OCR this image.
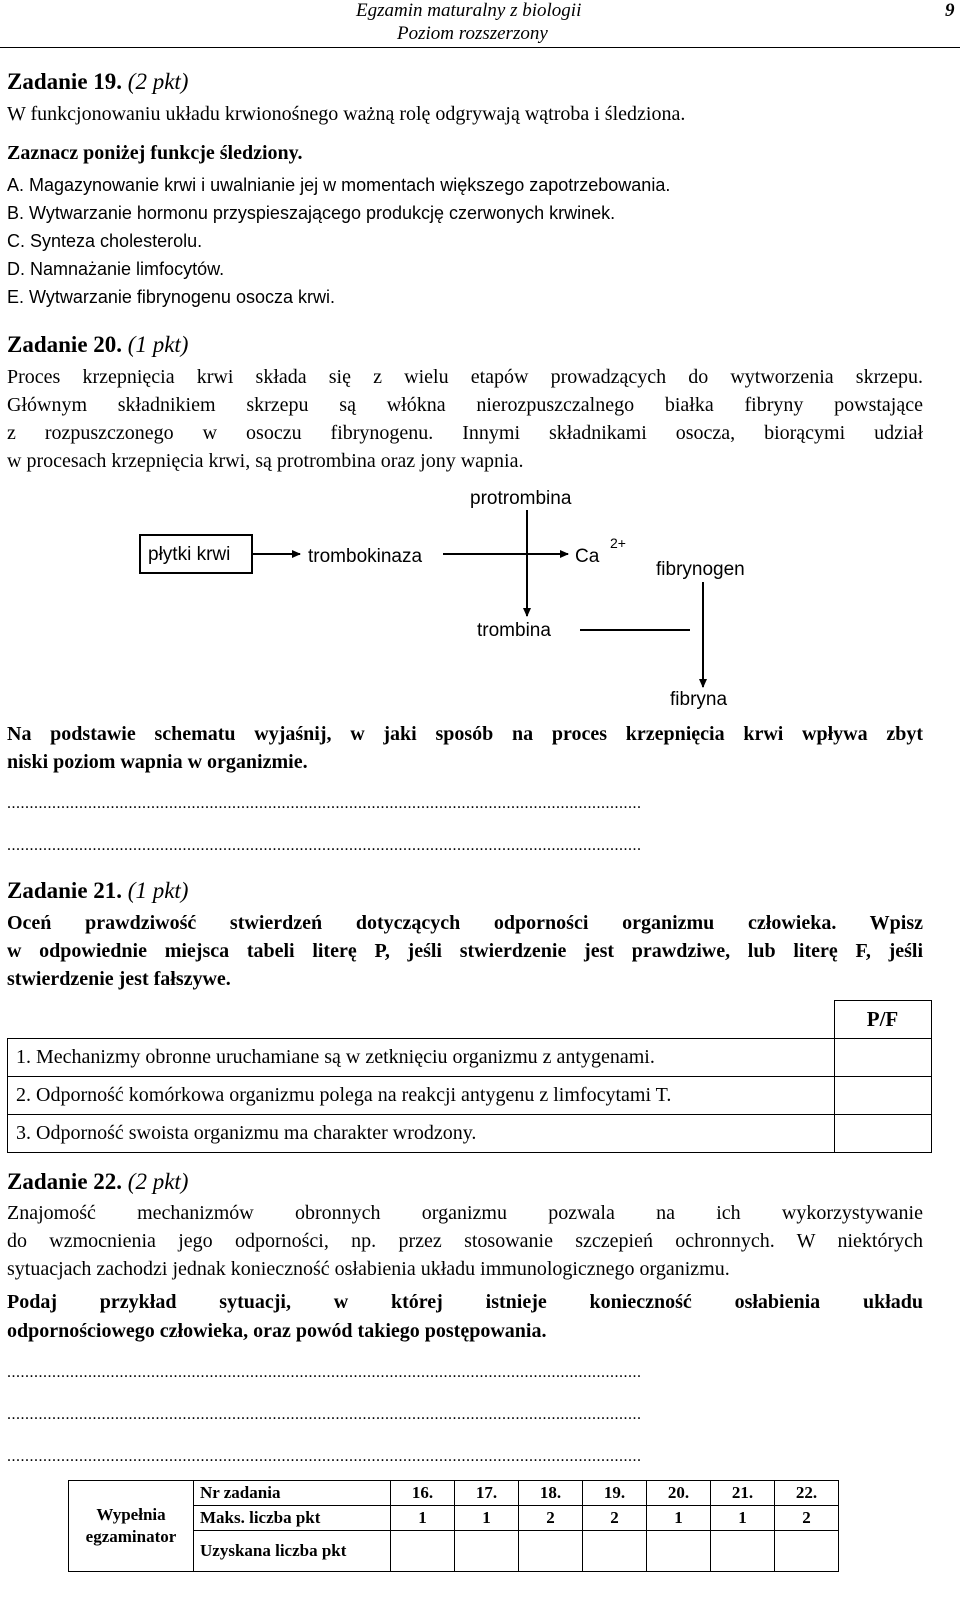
Egzamin maturalny z biologii
Poziom rozszerzony
9
Zadanie 19. (2 pkt)
W funkcjonowaniu układu krwionośnego ważną rolę odgrywają wątroba i śledziona.
Zaznacz poniżej funkcje śledziony.
A. Magazynowanie krwi i uwalnianie jej w momentach większego zapotrzebowania.
B. Wytwarzanie hormonu przyspieszającego produkcję czerwonych krwinek.
C. Synteza cholesterolu.
D. Namnażanie limfocytów.
E. Wytwarzanie fibrynogenu osocza krwi.
Zadanie 20. (1 pkt)
Proces krzepnięcia krwi składa się z wielu etapów prowadzących do wytworzenia skrzepu.
Głównym składnikiem skrzepu są włókna nierozpuszczalnego białka fibryny powstające
z rozpuszczonego w osoczu fibrynogenu. Innymi składnikami osocza, biorącymi udział
w procesach krzepnięcia krwi, są protrombina oraz jony wapnia.
płytki krwi	trombokinaza	Ca
2+
protrombina
trombina
fibrynogen
fibryna
Na podstawie schematu wyjaśnij, w jaki sposób na proces krzepnięcia krwi wpływa zbyt
niski poziom wapnia w organizmie.
.............................................................................................................................................
.............................................................................................................................................
Zadanie 21. (1 pkt)
Oceń prawdziwość stwierdzeń dotyczących odporności organizmu człowieka. Wpisz
w odpowiednie miejsca tabeli literę P, jeśli stwierdzenie jest prawdziwe, lub literę F, jeśli
stwierdzenie jest fałszywe.
	P/F
1. Mechanizmy obronne uruchamiane są w zetknięciu organizmu z antygenami.	
2. Odporność komórkowa organizmu polega na reakcji antygenu z limfocytami T.	
3. Odporność swoista organizmu ma charakter wrodzony.	
Zadanie 22. (2 pkt)
Znajomość mechanizmów obronnych organizmu pozwala na ich wykorzystywanie
do wzmocnienia jego odporności, np. przez stosowanie szczepień ochronnych. W niektórych
sytuacjach zachodzi jednak konieczność osłabienia układu immunologicznego organizmu.
Podaj przykład sytuacji, w której istnieje konieczność osłabienia układu
odpornościowego człowieka, oraz powód takiego postępowania.
.............................................................................................................................................
.............................................................................................................................................
.............................................................................................................................................
Wypełnia
egzaminator	Nr zadania	16.	17.	18.	19.	20.	21.	22.
	Maks. liczba pkt	1	1	2	2	1	1	2
	Uzyskana liczba pkt							
